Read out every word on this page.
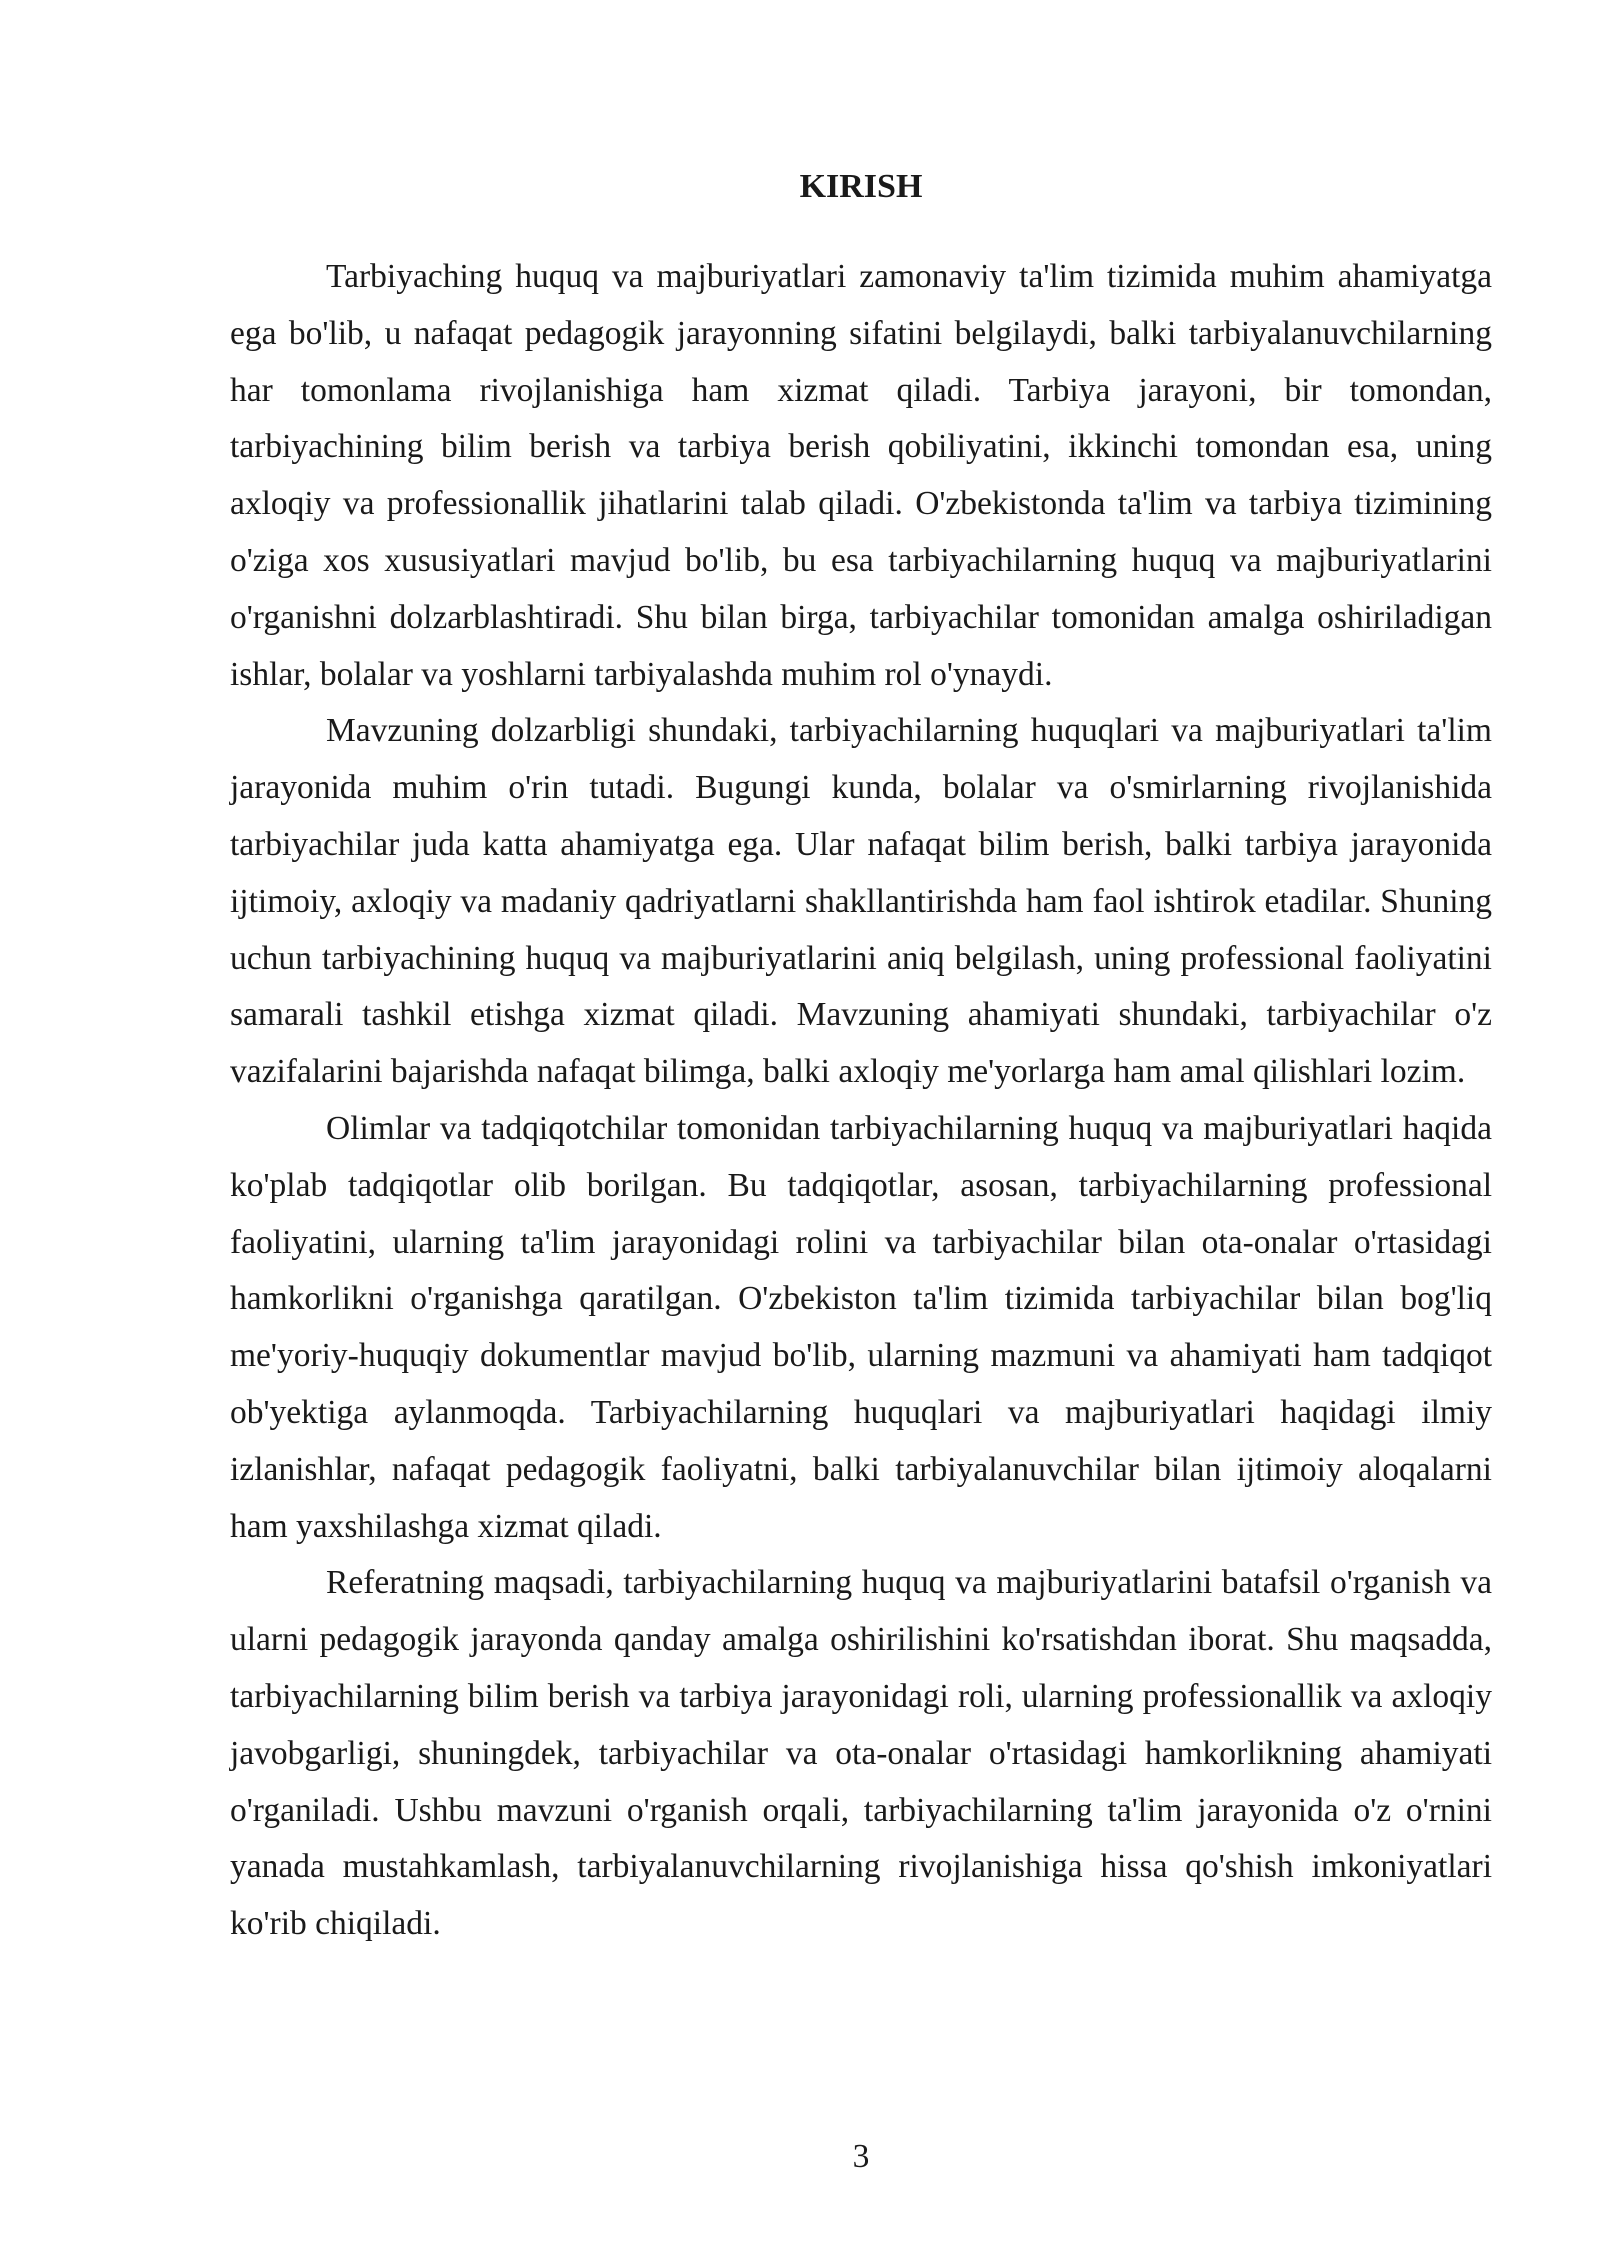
KIRISH

Tarbiyaching huquq va majburiyatlari zamonaviy ta'lim tizimida muhim ahamiyatga ega bo'lib, u nafaqat pedagogik jarayonning sifatini belgilaydi, balki tarbiyalanuvchilarning har tomonlama rivojlanishiga ham xizmat qiladi. Tarbiya jarayoni, bir tomondan, tarbiyachining bilim berish va tarbiya berish qobiliyatini, ikkinchi tomondan esa, uning axloqiy va professionallik jihatlarini talab qiladi. O'zbekistonda ta'lim va tarbiya tizimining o'ziga xos xususiyatlari mavjud bo'lib, bu esa tarbiyachilarning huquq va majburiyatlarini o'rganishni dolzarblashtiradi. Shu bilan birga, tarbiyachilar tomonidan amalga oshiriladigan ishlar, bolalar va yoshlarni tarbiyalashda muhim rol o'ynaydi.

Mavzuning dolzarbligi shundaki, tarbiyachilarning huquqlari va majburiyatlari ta'lim jarayonida muhim o'rin tutadi. Bugungi kunda, bolalar va o'smirlarning rivojlanishida tarbiyachilar juda katta ahamiyatga ega. Ular nafaqat bilim berish, balki tarbiya jarayonida ijtimoiy, axloqiy va madaniy qadriyatlarni shakllantirishda ham faol ishtirok etadilar. Shuning uchun tarbiyachining huquq va majburiyatlarini aniq belgilash, uning professional faoliyatini samarali tashkil etishga xizmat qiladi. Mavzuning ahamiyati shundaki, tarbiyachilar o'z vazifalarini bajarishda nafaqat bilimga, balki axloqiy me'yorlarga ham amal qilishlari lozim.

Olimlar va tadqiqotchilar tomonidan tarbiyachilarning huquq va majburiyatlari haqida ko'plab tadqiqotlar olib borilgan. Bu tadqiqotlar, asosan, tarbiyachilarning professional faoliyatini, ularning ta'lim jarayonidagi rolini va tarbiyachilar bilan ota-onalar o'rtasidagi hamkorlikni o'rganishga qaratilgan. O'zbekiston ta'lim tizimida tarbiyachilar bilan bog'liq me'yoriy-huquqiy dokumentlar mavjud bo'lib, ularning mazmuni va ahamiyati ham tadqiqot ob'yektiga aylanmoqda. Tarbiyachilarning huquqlari va majburiyatlari haqidagi ilmiy izlanishlar, nafaqat pedagogik faoliyatni, balki tarbiyalanuvchilar bilan ijtimoiy aloqalarni ham yaxshilashga xizmat qiladi.

Referatning maqsadi, tarbiyachilarning huquq va majburiyatlarini batafsil o'rganish va ularni pedagogik jarayonda qanday amalga oshirilishini ko'rsatishdan iborat. Shu maqsadda, tarbiyachilarning bilim berish va tarbiya jarayonidagi roli, ularning professionallik va axloqiy javobgarligi, shuningdek, tarbiyachilar va ota-onalar o'rtasidagi hamkorlikning ahamiyati o'rganiladi. Ushbu mavzuni o'rganish orqali, tarbiyachilarning ta'lim jarayonida o'z o'rnini yanada mustahkamlash, tarbiyalanuvchilarning rivojlanishiga hissa qo'shish imkoniyatlari ko'rib chiqiladi.

3
